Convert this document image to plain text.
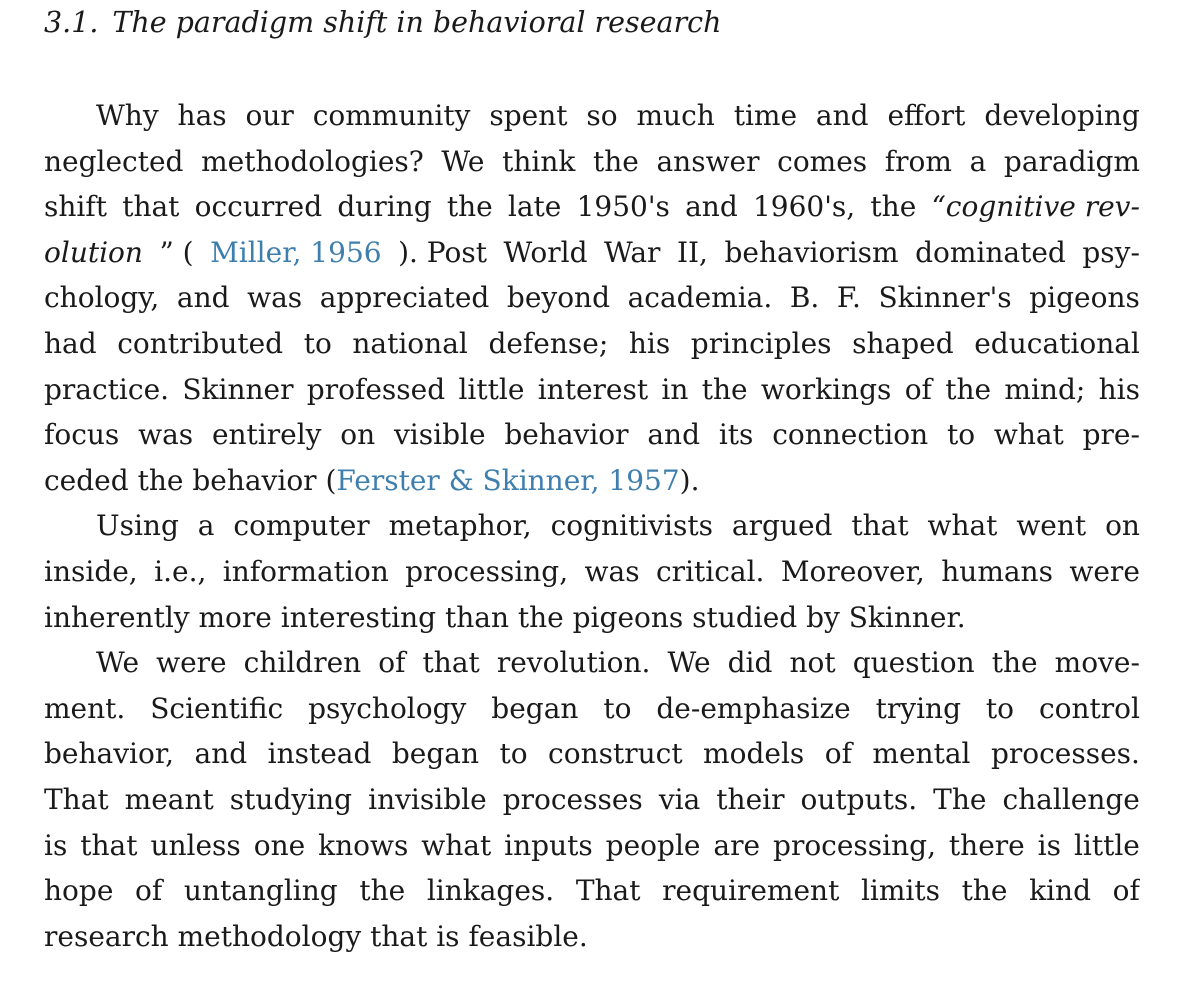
3.1. The paradigm shift in behavioral research
Why has our community spent so much time and effort developing
neglected methodologies? We think the answer comes from a paradigm
shift that occurred during the late 1950's and 1960's, the “cognitive rev-
olution ” ( Miller, 1956 ). Post World War II, behaviorism dominated psy-
chology, and was appreciated beyond academia. B. F. Skinner's pigeons
had contributed to national defense; his principles shaped educational
practice. Skinner professed little interest in the workings of the mind; his
focus was entirely on visible behavior and its connection to what pre-
ceded the behavior (Ferster & Skinner, 1957).
Using a computer metaphor, cognitivists argued that what went on
inside, i.e., information processing, was critical. Moreover, humans were
inherently more interesting than the pigeons studied by Skinner.
We were children of that revolution. We did not question the move-
ment. Scientific psychology began to de-emphasize trying to control
behavior, and instead began to construct models of mental processes.
That meant studying invisible processes via their outputs. The challenge
is that unless one knows what inputs people are processing, there is little
hope of untangling the linkages. That requirement limits the kind of
research methodology that is feasible.
